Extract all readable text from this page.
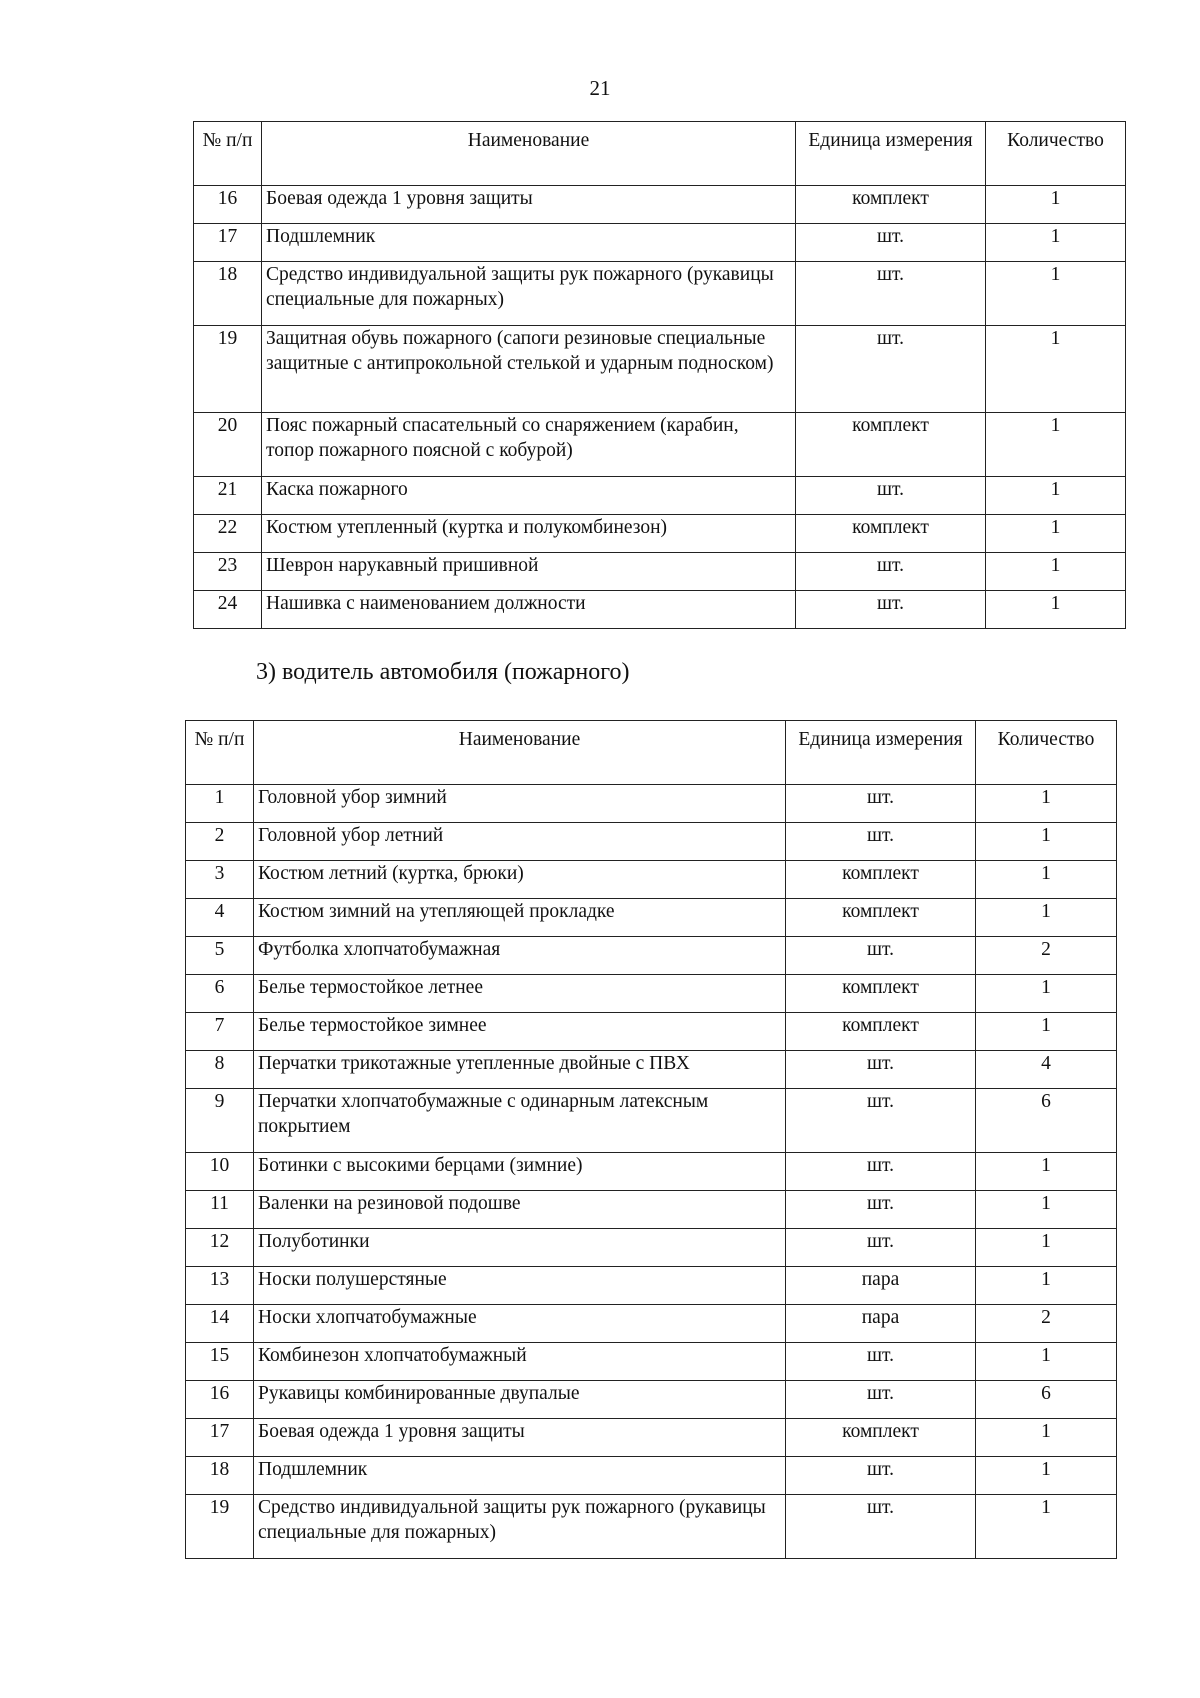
21
№ п/п	Наименование	Единица измерения	Количество
16	Боевая одежда 1 уровня защиты	комплект	1
17	Подшлемник	шт.	1
18	Средство индивидуальной защиты рук пожарного (рукавицы специальные для пожарных)	шт.	1
19	Защитная обувь пожарного (сапоги резиновые специальные защитные с антипрокольной стелькой и ударным подноском)	шт.	1
20	Пояс пожарный спасательный со снаряжением (карабин, топор пожарного поясной с кобурой)	комплект	1
21	Каска пожарного	шт.	1
22	Костюм утепленный (куртка и полукомбинезон)	комплект	1
23	Шеврон нарукавный пришивной	шт.	1
24	Нашивка с наименованием должности	шт.	1
3) водитель автомобиля (пожарного)
№ п/п	Наименование	Единица измерения	Количество
1	Головной убор зимний	шт.	1
2	Головной убор летний	шт.	1
3	Костюм летний (куртка, брюки)	комплект	1
4	Костюм зимний на утепляющей прокладке	комплект	1
5	Футболка хлопчатобумажная	шт.	2
6	Белье термостойкое летнее	комплект	1
7	Белье термостойкое зимнее	комплект	1
8	Перчатки трикотажные утепленные двойные с ПВХ	шт.	4
9	Перчатки хлопчатобумажные с одинарным латексным покрытием	шт.	6
10	Ботинки с высокими берцами (зимние)	шт.	1
11	Валенки на резиновой подошве	шт.	1
12	Полуботинки	шт.	1
13	Носки полушерстяные	пара	1
14	Носки хлопчатобумажные	пара	2
15	Комбинезон хлопчатобумажный	шт.	1
16	Рукавицы комбинированные двупалые	шт.	6
17	Боевая одежда 1 уровня защиты	комплект	1
18	Подшлемник	шт.	1
19	Средство индивидуальной защиты рук пожарного (рукавицы специальные для пожарных)	шт.	1
